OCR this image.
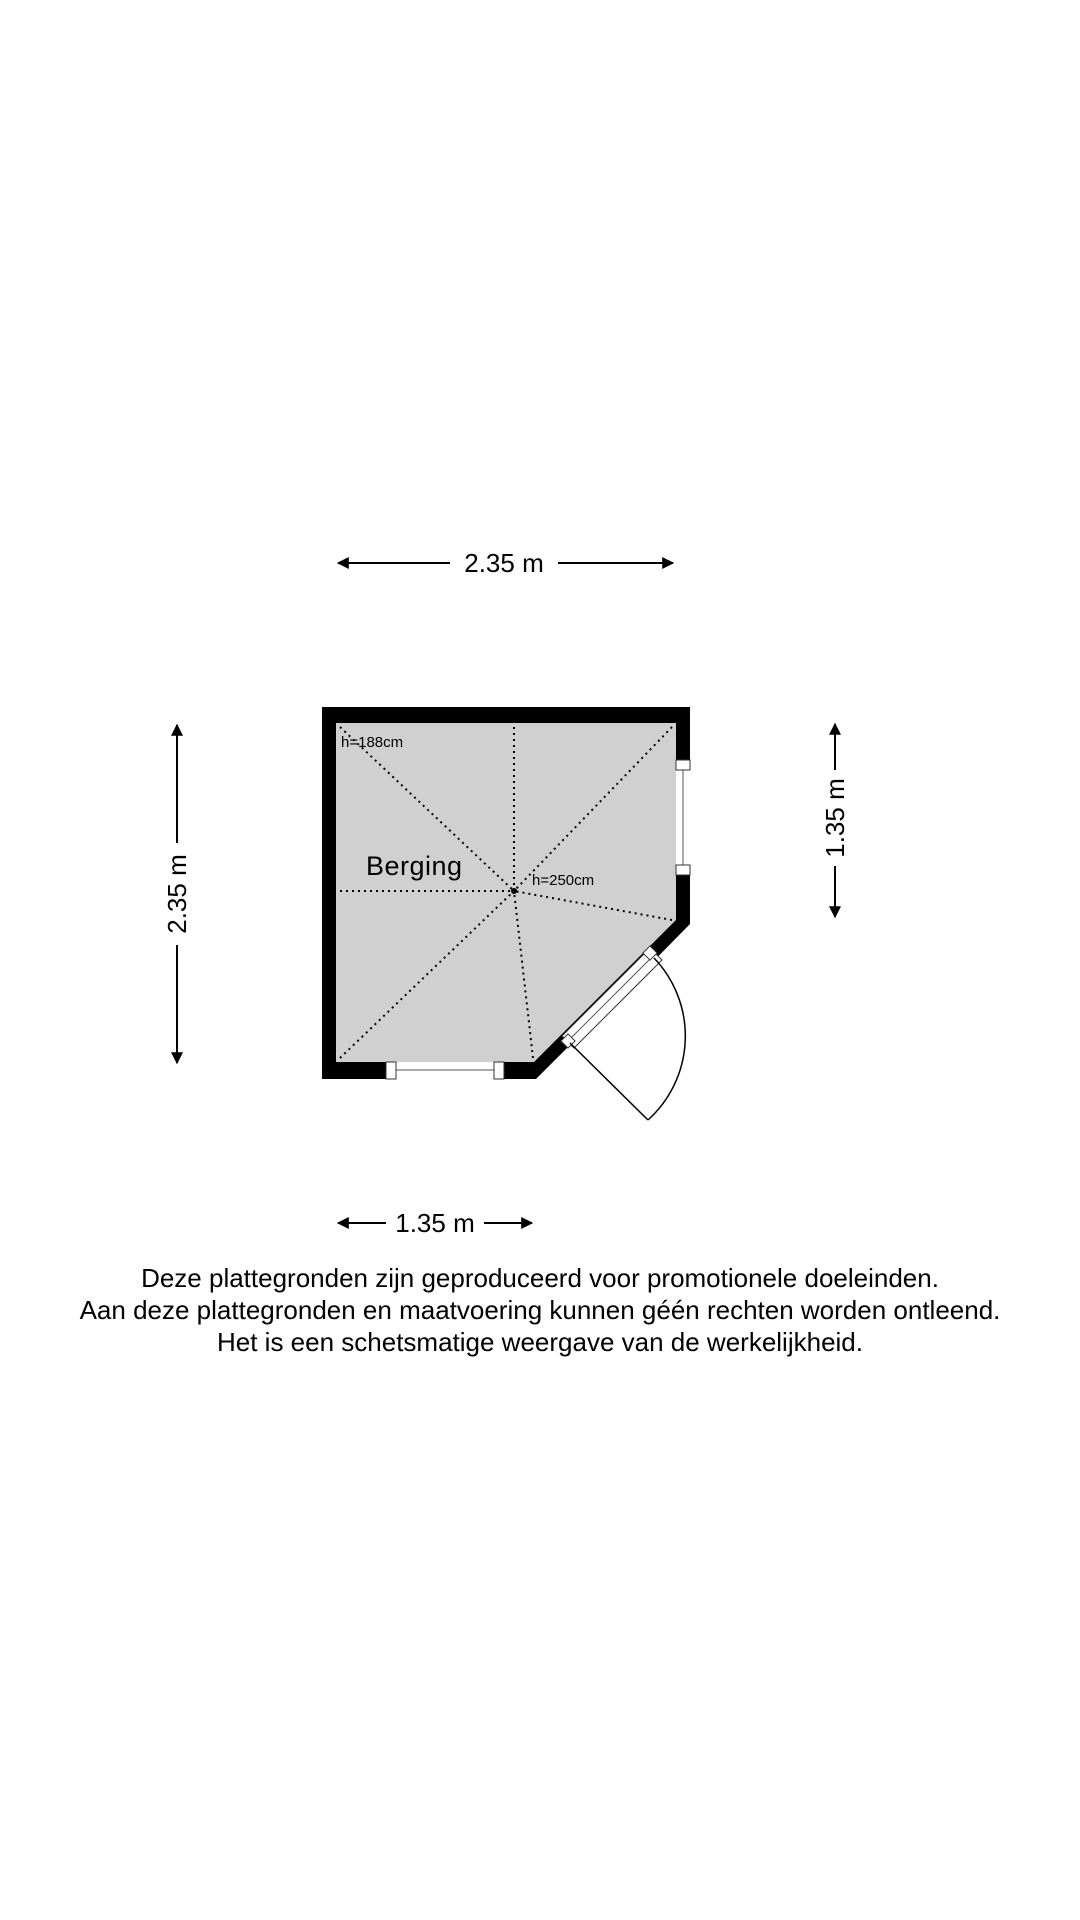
2.35 m
2.35 m
1.35 m
1.35 m
Berging
h=188cm
h=250cm
Deze plattegronden zijn geproduceerd voor promotionele doeleinden.
Aan deze plattegronden en maatvoering kunnen géén rechten worden ontleend.
Het is een schetsmatige weergave van de werkelijkheid.
